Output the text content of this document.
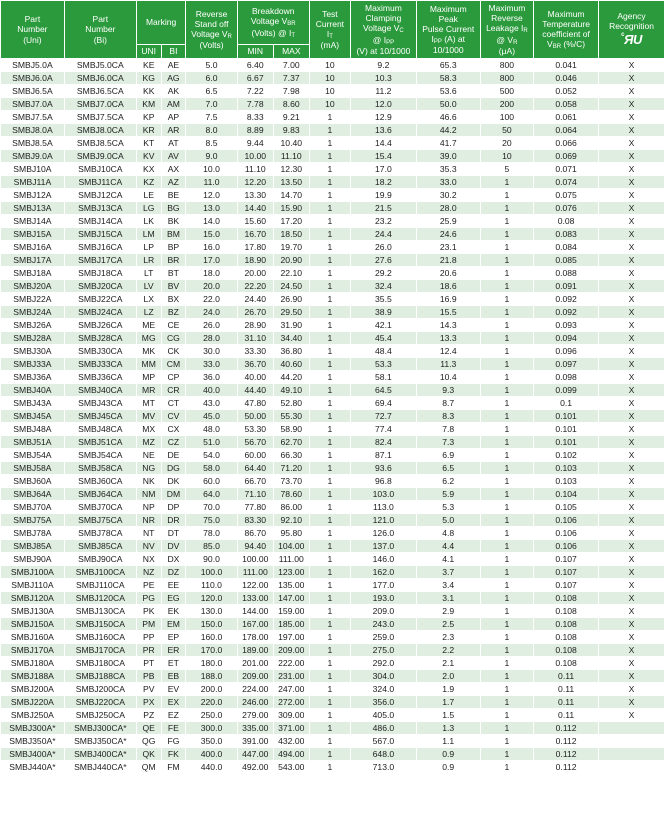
Part
Number
(Uni)	Part
Number
(Bi)	Marking		Reverse
Stand off
Voltage VR
(Volts)	Breakdown
Voltage VBR
(Volts) @ IT		Test
Current
IT
(mA)	Maximum
Clamping
Voltage VC
@ IPP
(V) at 10/1000	Maximum
Peak
Pulse Current
IPP (A) at
10/1000	Maximum
Reverse
Leakage IR
@ VR
(μA)	Maximum
Temperature
coefficient of
VBR (%/C)	Agency
Recognition
$^c$ЯU
		UNI	BI		MIN	MAX						
SMBJ5.0A	SMBJ5.0CA	KE	AE	5.0	6.40	7.00	10	9.2	65.3	800	0.041	X
SMBJ6.0A	SMBJ6.0CA	KG	AG	6.0	6.67	7.37	10	10.3	58.3	800	0.046	X
SMBJ6.5A	SMBJ6.5CA	KK	AK	6.5	7.22	7.98	10	11.2	53.6	500	0.052	X
SMBJ7.0A	SMBJ7.0CA	KM	AM	7.0	7.78	8.60	10	12.0	50.0	200	0.058	X
SMBJ7.5A	SMBJ7.5CA	KP	AP	7.5	8.33	9.21	1	12.9	46.6	100	0.061	X
SMBJ8.0A	SMBJ8.0CA	KR	AR	8.0	8.89	9.83	1	13.6	44.2	50	0.064	X
SMBJ8.5A	SMBJ8.5CA	KT	AT	8.5	9.44	10.40	1	14.4	41.7	20	0.066	X
SMBJ9.0A	SMBJ9.0CA	KV	AV	9.0	10.00	11.10	1	15.4	39.0	10	0.069	X
SMBJ10A	SMBJ10CA	KX	AX	10.0	11.10	12.30	1	17.0	35.3	5	0.071	X
SMBJ11A	SMBJ11CA	KZ	AZ	11.0	12.20	13.50	1	18.2	33.0	1	0.074	X
SMBJ12A	SMBJ12CA	LE	BE	12.0	13.30	14.70	1	19.9	30.2	1	0.075	X
SMBJ13A	SMBJ13CA	LG	BG	13.0	14.40	15.90	1	21.5	28.0	1	0.076	X
SMBJ14A	SMBJ14CA	LK	BK	14.0	15.60	17.20	1	23.2	25.9	1	0.08	X
SMBJ15A	SMBJ15CA	LM	BM	15.0	16.70	18.50	1	24.4	24.6	1	0.083	X
SMBJ16A	SMBJ16CA	LP	BP	16.0	17.80	19.70	1	26.0	23.1	1	0.084	X
SMBJ17A	SMBJ17CA	LR	BR	17.0	18.90	20.90	1	27.6	21.8	1	0.085	X
SMBJ18A	SMBJ18CA	LT	BT	18.0	20.00	22.10	1	29.2	20.6	1	0.088	X
SMBJ20A	SMBJ20CA	LV	BV	20.0	22.20	24.50	1	32.4	18.6	1	0.091	X
SMBJ22A	SMBJ22CA	LX	BX	22.0	24.40	26.90	1	35.5	16.9	1	0.092	X
SMBJ24A	SMBJ24CA	LZ	BZ	24.0	26.70	29.50	1	38.9	15.5	1	0.092	X
SMBJ26A	SMBJ26CA	ME	CE	26.0	28.90	31.90	1	42.1	14.3	1	0.093	X
SMBJ28A	SMBJ28CA	MG	CG	28.0	31.10	34.40	1	45.4	13.3	1	0.094	X
SMBJ30A	SMBJ30CA	MK	CK	30.0	33.30	36.80	1	48.4	12.4	1	0.096	X
SMBJ33A	SMBJ33CA	MM	CM	33.0	36.70	40.60	1	53.3	11.3	1	0.097	X
SMBJ36A	SMBJ36CA	MP	CP	36.0	40.00	44.20	1	58.1	10.4	1	0.098	X
SMBJ40A	SMBJ40CA	MR	CR	40.0	44.40	49.10	1	64.5	9.3	1	0.099	X
SMBJ43A	SMBJ43CA	MT	CT	43.0	47.80	52.80	1	69.4	8.7	1	0.1	X
SMBJ45A	SMBJ45CA	MV	CV	45.0	50.00	55.30	1	72.7	8.3	1	0.101	X
SMBJ48A	SMBJ48CA	MX	CX	48.0	53.30	58.90	1	77.4	7.8	1	0.101	X
SMBJ51A	SMBJ51CA	MZ	CZ	51.0	56.70	62.70	1	82.4	7.3	1	0.101	X
SMBJ54A	SMBJ54CA	NE	DE	54.0	60.00	66.30	1	87.1	6.9	1	0.102	X
SMBJ58A	SMBJ58CA	NG	DG	58.0	64.40	71.20	1	93.6	6.5	1	0.103	X
SMBJ60A	SMBJ60CA	NK	DK	60.0	66.70	73.70	1	96.8	6.2	1	0.103	X
SMBJ64A	SMBJ64CA	NM	DM	64.0	71.10	78.60	1	103.0	5.9	1	0.104	X
SMBJ70A	SMBJ70CA	NP	DP	70.0	77.80	86.00	1	113.0	5.3	1	0.105	X
SMBJ75A	SMBJ75CA	NR	DR	75.0	83.30	92.10	1	121.0	5.0	1	0.106	X
SMBJ78A	SMBJ78CA	NT	DT	78.0	86.70	95.80	1	126.0	4.8	1	0.106	X
SMBJ85A	SMBJ85CA	NV	DV	85.0	94.40	104.00	1	137.0	4.4	1	0.106	X
SMBJ90A	SMBJ90CA	NX	DX	90.0	100.00	111.00	1	146.0	4.1	1	0.107	X
SMBJ100A	SMBJ100CA	NZ	DZ	100.0	111.00	123.00	1	162.0	3.7	1	0.107	X
SMBJ110A	SMBJ110CA	PE	EE	110.0	122.00	135.00	1	177.0	3.4	1	0.107	X
SMBJ120A	SMBJ120CA	PG	EG	120.0	133.00	147.00	1	193.0	3.1	1	0.108	X
SMBJ130A	SMBJ130CA	PK	EK	130.0	144.00	159.00	1	209.0	2.9	1	0.108	X
SMBJ150A	SMBJ150CA	PM	EM	150.0	167.00	185.00	1	243.0	2.5	1	0.108	X
SMBJ160A	SMBJ160CA	PP	EP	160.0	178.00	197.00	1	259.0	2.3	1	0.108	X
SMBJ170A	SMBJ170CA	PR	ER	170.0	189.00	209.00	1	275.0	2.2	1	0.108	X
SMBJ180A	SMBJ180CA	PT	ET	180.0	201.00	222.00	1	292.0	2.1	1	0.108	X
SMBJ188A	SMBJ188CA	PB	EB	188.0	209.00	231.00	1	304.0	2.0	1	0.11	X
SMBJ200A	SMBJ200CA	PV	EV	200.0	224.00	247.00	1	324.0	1.9	1	0.11	X
SMBJ220A	SMBJ220CA	PX	EX	220.0	246.00	272.00	1	356.0	1.7	1	0.11	X
SMBJ250A	SMBJ250CA	PZ	EZ	250.0	279.00	309.00	1	405.0	1.5	1	0.11	X
SMBJ300A*	SMBJ300CA*	QE	FE	300.0	335.00	371.00	1	486.0	1.3	1	0.112	
SMBJ350A*	SMBJ350CA*	QG	FG	350.0	391.00	432.00	1	567.0	1.1	1	0.112	
SMBJ400A*	SMBJ400CA*	QK	FK	400.0	447.00	494.00	1	648.0	0.9	1	0.112	
SMBJ440A*	SMBJ440CA*	QM	FM	440.0	492.00	543.00	1	713.0	0.9	1	0.112	
